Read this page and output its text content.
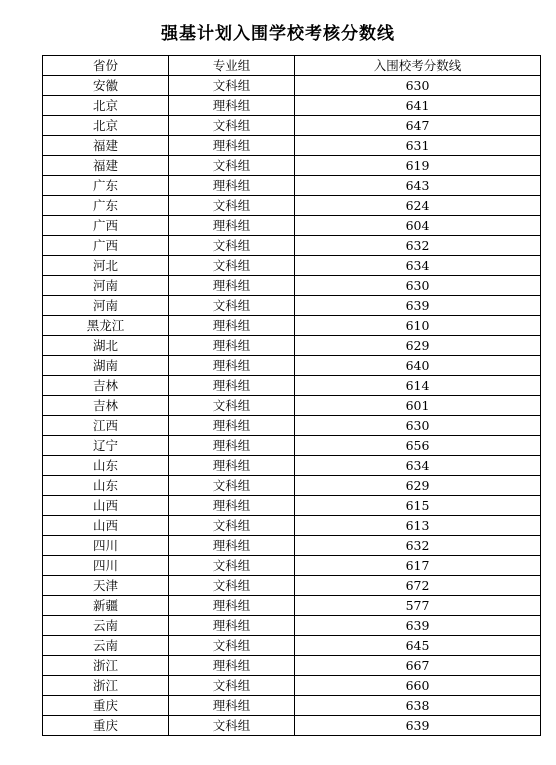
强基计划入围学校考核分数线
省份	专业组	入围校考分数线
安徽	文科组	630
北京	理科组	641
北京	文科组	647
福建	理科组	631
福建	文科组	619
广东	理科组	643
广东	文科组	624
广西	理科组	604
广西	文科组	632
河北	文科组	634
河南	理科组	630
河南	文科组	639
黑龙江	理科组	610
湖北	理科组	629
湖南	理科组	640
吉林	理科组	614
吉林	文科组	601
江西	理科组	630
辽宁	理科组	656
山东	理科组	634
山东	文科组	629
山西	理科组	615
山西	文科组	613
四川	理科组	632
四川	文科组	617
天津	文科组	672
新疆	理科组	577
云南	理科组	639
云南	文科组	645
浙江	理科组	667
浙江	文科组	660
重庆	理科组	638
重庆	文科组	639
